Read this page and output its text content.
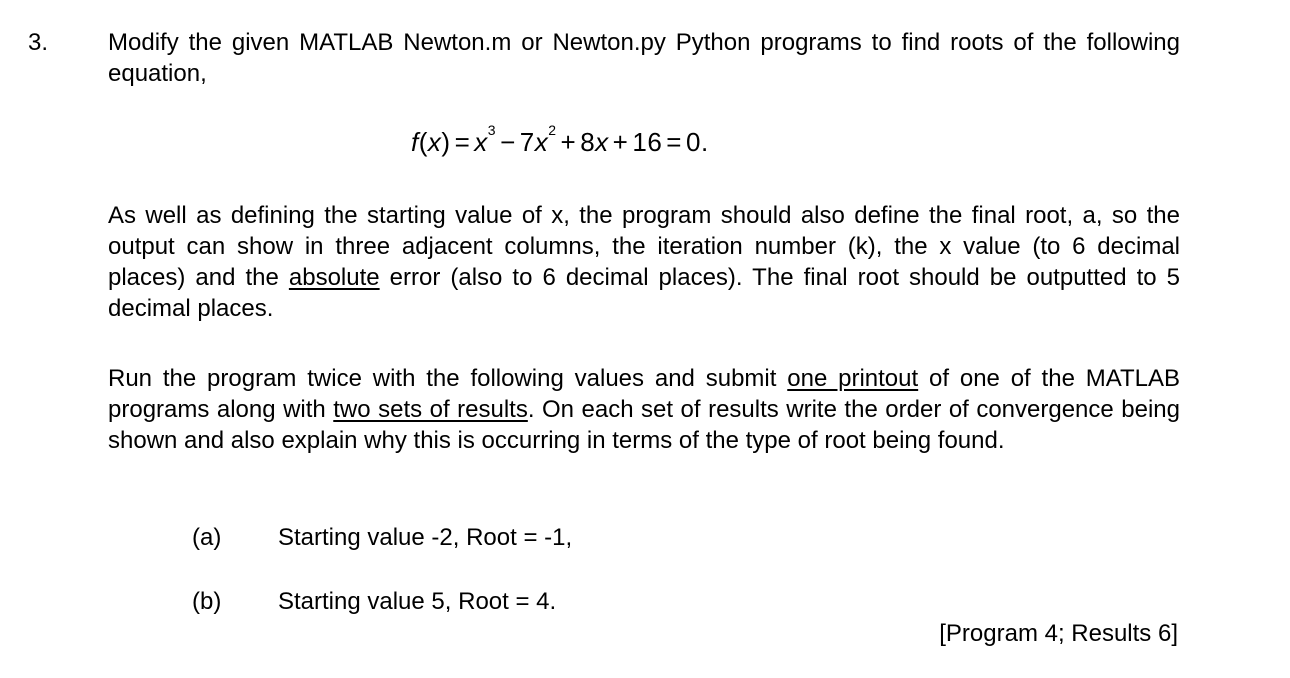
3. Modify the given MATLAB Newton.m or Newton.py Python programs to find roots of the following equation,
$f(x) = x^3 - 7x^2 + 8x + 16 = 0$.
As well as defining the starting value of x, the program should also define the final root, a, so the output can show in three adjacent columns, the iteration number (k), the x value (to 6 decimal places) and the absolute error (also to 6 decimal places). The final root should be outputted to 5 decimal places.
Run the program twice with the following values and submit one printout of one of the MATLAB programs along with two sets of results. On each set of results write the order of convergence being shown and also explain why this is occurring in terms of the type of root being found.
(a) Starting value -2, Root = -1,
(b) Starting value 5, Root = 4.
[Program 4; Results 6]
